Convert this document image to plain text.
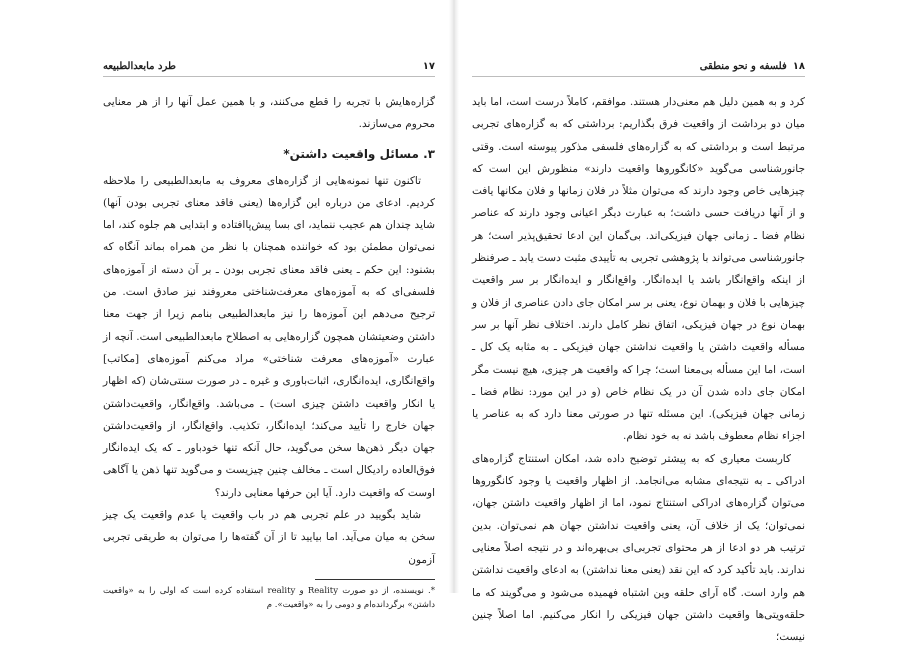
۱۷
طرد مابعدالطبیعه

گزاره‌هایش با تجربه را قطع می‌کنند، و با همین عمل آنها را از هر معنایی محروم می‌سازند.

۳. مسائل واقعیت داشتن*

تاکنون تنها نمونه‌هایی از گزاره‌های معروف به مابعدالطبیعی را ملاحظه کردیم. ادعای من درباره این گزاره‌ها (یعنی فاقد معنای تجربی بودن آنها) شاید چندان هم عجیب ننماید، ای بسا پیش‌پاافتاده و ابتدایی هم جلوه کند، اما نمی‌توان مطمئن بود که خواننده همچنان با نظر من همراه بماند آنگاه که بشنود: این حکم ـ یعنی فاقد معنای تجربی بودن ـ بر آن دسته از آموزه‌های فلسفی‌ای که به آموزه‌های معرفت‌شناختی معروفند نیز صادق است. من ترجیح می‌دهم این آموزه‌ها را نیز مابعدالطبیعی بنامم زیرا از جهت معنا داشتن وضعیتشان همچون گزاره‌هایی به اصطلاح مابعدالطبیعی است. آنچه از عبارت «آموزه‌های معرفت شناختی» مراد می‌کنم آموزه‌های [مکاتب] واقع‌انگاری، ایده‌انگاری، اثبات‌باوری و غیره ـ در صورت سنتی‌شان (که اظهار یا انکار واقعیت داشتن چیزی است) ـ می‌باشد. واقع‌انگار، واقعیت‌داشتن جهان خارج را تأیید می‌کند؛ ایده‌انگار، تکذیب. واقع‌انگار، از واقعیت‌داشتن جهان دیگر ذهن‌ها سخن می‌گوید، حال آنکه تنها خودباور ـ که یک ایده‌انگار فوق‌العاده رادیکال است ـ مخالف چنین چیزیست و می‌گوید تنها ذهن یا آگاهی اوست که واقعیت دارد. آیا این حرفها معنایی دارند؟

شاید بگویید در علم تجربی هم در باب واقعیت یا عدم واقعیت یک چیز سخن به میان می‌آید. اما بیایید تا از آن گفته‌ها را می‌توان به طریقی تجربی آزمون

*. نویسنده، از دو صورت Reality و reality استفاده کرده است که اولی را به «واقعیت داشتن» برگردانده‌ام و دومی را به «واقعیت». م

۱۸
فلسفه و نحو منطقی

کرد و به همین دلیل هم معنی‌دار هستند. موافقم، کاملاً درست است، اما باید میان دو برداشت از واقعیت فرق بگذاریم: برداشتی که به گزاره‌های تجربی مرتبط است و برداشتی که به گزاره‌های فلسفی مذکور پیوسته است. وقتی جانورشناسی می‌گوید «کانگوروها واقعیت دارند» منظورش این است که چیزهایی خاص وجود دارند که می‌توان مثلاً در فلان زمانها و فلان مکانها یافت و از آنها دریافت حسی داشت؛ به عبارت دیگر اعیانی وجود دارند که عناصر نظام فضا ـ زمانی جهان فیزیکی‌اند. بی‌گمان این ادعا تحقیق‌پذیر است؛ هر جانورشناسی می‌تواند با پژوهشی تجربی به تأییدی مثبت دست یابد ـ صرفنظر از اینکه واقع‌انگار باشد یا ایده‌انگار. واقع‌انگار و ایده‌انگار بر سر واقعیت چیزهایی با فلان و بهمان نوع، یعنی بر سر امکان جای دادن عناصری از فلان و بهمان نوع در جهان فیزیکی، اتفاق نظر کامل دارند. اختلاف نظر آنها بر سر مسأله واقعیت داشتن یا واقعیت نداشتن جهان فیزیکی ـ به مثابه یک کل ـ است، اما این مسأله بی‌معنا است؛ چرا که واقعیت هر چیزی، هیچ نیست مگر امکان جای داده شدن آن در یک نظام خاص (و در این مورد: نظام فضا ـ زمانی جهان فیزیکی). این مسئله تنها در صورتی معنا دارد که به عناصر یا اجزاء نظام معطوف باشد نه به خود نظام.

کاربست معیاری که به پیشتر توضیح داده شد، امکان استنتاج گزاره‌های ادراکی ـ به نتیجه‌ای مشابه می‌انجامد. از اظهار واقعیت یا وجود کانگوروها می‌توان گزاره‌های ادراکی استنتاج نمود، اما از اظهار واقعیت داشتن جهان، نمی‌توان؛ یک از خلاف آن، یعنی واقعیت نداشتن جهان هم نمی‌توان. بدین ترتیب هر دو ادعا از هر محتوای تجربی‌ای بی‌بهره‌اند و در نتیجه اصلاً معنایی ندارند. باید تأکید کرد که این نقد (یعنی معنا نداشتن) به ادعای واقعیت نداشتن هم وارد است. گاه آرای حلقه وین اشتباه فهمیده می‌شود و می‌گویند که ما حلقه‌ویتی‌ها واقعیت داشتن جهان فیزیکی را انکار می‌کنیم. اما اصلاً چنین نیست؛
